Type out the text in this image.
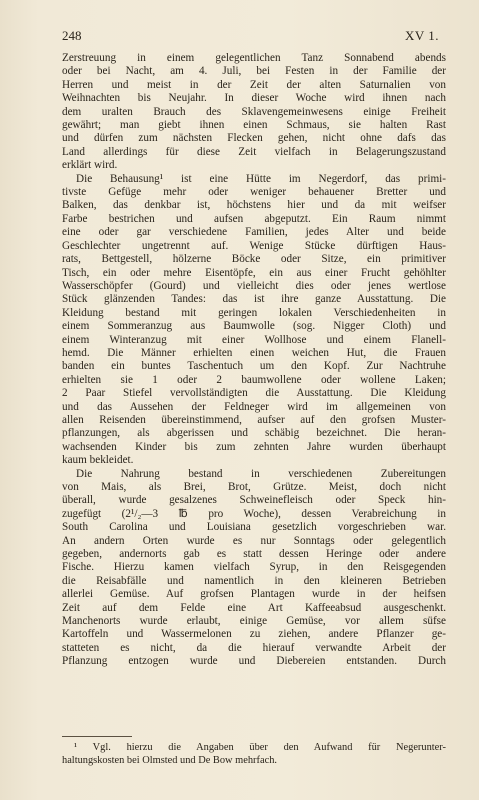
248	XV 1.

Zerstreuung in einem gelegentlichen Tanz Sonnabend abends

oder bei Nacht, am 4. Juli, bei Festen in der Familie der

Herren und meist in der Zeit der alten Saturnalien von

Weihnachten bis Neujahr. In dieser Woche wird ihnen nach

dem uralten Brauch des Sklavengemeinwesens einige Freiheit

gewährt; man giebt ihnen einen Schmaus, sie halten Rast

und dürfen zum nächsten Flecken gehen, nicht ohne dafs das

Land allerdings für diese Zeit vielfach in Belagerungszustand

erklärt wird.

Die Behausung¹ ist eine Hütte im Negerdorf, das primi-

tivste Gefüge mehr oder weniger behauener Bretter und

Balken, das denkbar ist, höchstens hier und da mit weifser

Farbe bestrichen und aufsen abgeputzt. Ein Raum nimmt

eine oder gar verschiedene Familien, jedes Alter und beide

Geschlechter ungetrennt auf. Wenige Stücke dürftigen Haus-

rats, Bettgestell, hölzerne Böcke oder Sitze, ein primitiver

Tisch, ein oder mehre Eisentöpfe, ein aus einer Frucht gehöhlter

Wasserschöpfer (Gourd) und vielleicht dies oder jenes wertlose

Stück glänzenden Tandes: das ist ihre ganze Ausstattung. Die

Kleidung bestand mit geringen lokalen Verschiedenheiten in

einem Sommeranzug aus Baumwolle (sog. Nigger Cloth) und

einem Winteranzug mit einer Wollhose und einem Flanell-

hemd. Die Männer erhielten einen weichen Hut, die Frauen

banden ein buntes Taschentuch um den Kopf. Zur Nachtruhe

erhielten sie 1 oder 2 baumwollene oder wollene Laken;

2 Paar Stiefel vervollständigten die Ausstattung. Die Kleidung

und das Aussehen der Feldneger wird im allgemeinen von

allen Reisenden übereinstimmend, aufser auf den grofsen Muster-

pflanzungen, als abgerissen und schäbig bezeichnet. Die heran-

wachsenden Kinder bis zum zehnten Jahre wurden überhaupt

kaum bekleidet.

Die Nahrung bestand in verschiedenen Zubereitungen

von Mais, als Brei, Brot, Grütze. Meist, doch nicht

überall, wurde gesalzenes Schweinefleisch oder Speck hin-

zugefügt (2¹/₂—3 ℔ pro Woche), dessen Verabreichung in

South Carolina und Louisiana gesetzlich vorgeschrieben war.

An andern Orten wurde es nur Sonntags oder gelegentlich

gegeben, andernorts gab es statt dessen Heringe oder andere

Fische. Hierzu kamen vielfach Syrup, in den Reisgegenden

die Reisabfälle und namentlich in den kleineren Betrieben

allerlei Gemüse. Auf grofsen Plantagen wurde in der heifsen

Zeit auf dem Felde eine Art Kaffeeabsud ausgeschenkt.

Manchenorts wurde erlaubt, einige Gemüse, vor allem süfse

Kartoffeln und Wassermelonen zu ziehen, andere Pflanzer ge-

statteten es nicht, da die hierauf verwandte Arbeit der

Pflanzung entzogen wurde und Diebereien entstanden. Durch

¹ Vgl. hierzu die Angaben über den Aufwand für Negerunter-

haltungskosten bei Olmsted und De Bow mehrfach.
